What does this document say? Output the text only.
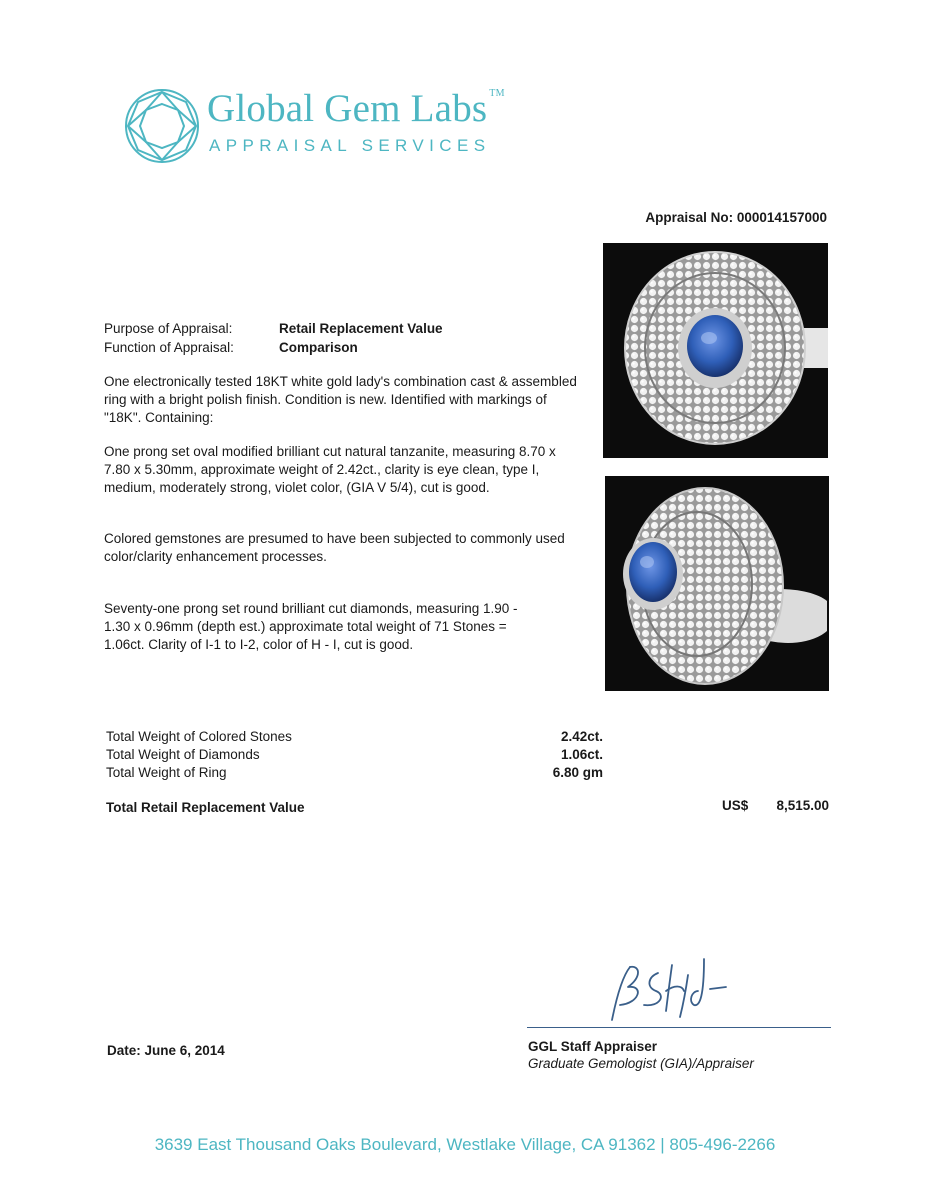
Global Gem Labs ™
APPRAISAL SERVICES
Appraisal No: 000014157000
Purpose of Appraisal:	Retail Replacement Value
Function of Appraisal:	Comparison

One electronically tested 18KT white gold lady's combination cast & assembled ring with a bright polish finish. Condition is new. Identified with markings of "18K". Containing:

One prong set oval modified brilliant cut natural tanzanite, measuring 8.70 x 7.80 x 5.30mm, approximate weight of 2.42ct., clarity is eye clean, type I, medium, moderately strong, violet color, (GIA V 5/4), cut is good.

Colored gemstones are presumed to have been subjected to commonly used color/clarity enhancement processes.

Seventy-one prong set round brilliant cut diamonds, measuring 1.90 - 1.30 x 0.96mm (depth est.) approximate total weight of 71 Stones = 1.06ct. Clarity of I-1 to I-2, color of H - I, cut is good.

Total Weight of Colored Stones	2.42ct.
Total Weight of Diamonds	1.06ct.
Total Weight of Ring	6.80 gm
Total Retail Replacement Value	US$ 8,515.00
GGL Staff Appraiser
Graduate Gemologist (GIA)/Appraiser
Date: June 6, 2014
3639 East Thousand Oaks Boulevard, Westlake Village, CA 91362 | 805-496-2266
